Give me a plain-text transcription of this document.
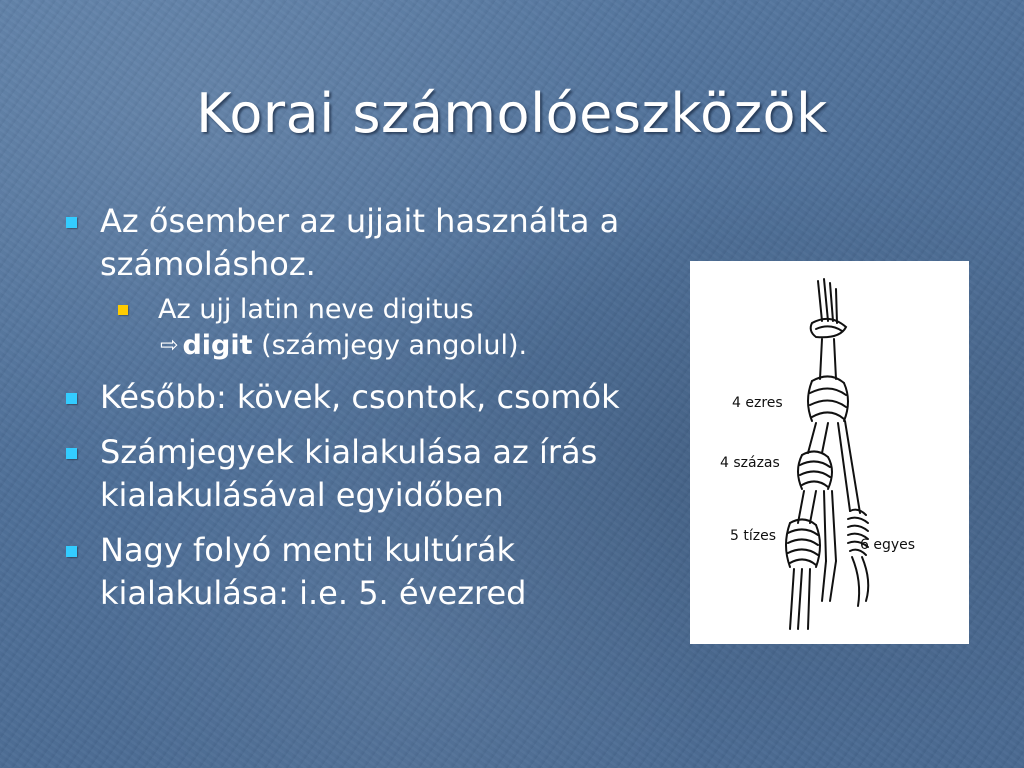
Korai számolóeszközök
Az ősember az ujjait használta a számoláshoz.
Az ujj latin neve digitus
⇨ digit (számjegy angolul).
Később: kövek, csontok, csomók
Számjegyek kialakulása az írás kialakulásával egyidőben
Nagy folyó menti kultúrák kialakulása: i.e. 5. évezred
4 ezres
4 százas
5 tízes
6 egyes
